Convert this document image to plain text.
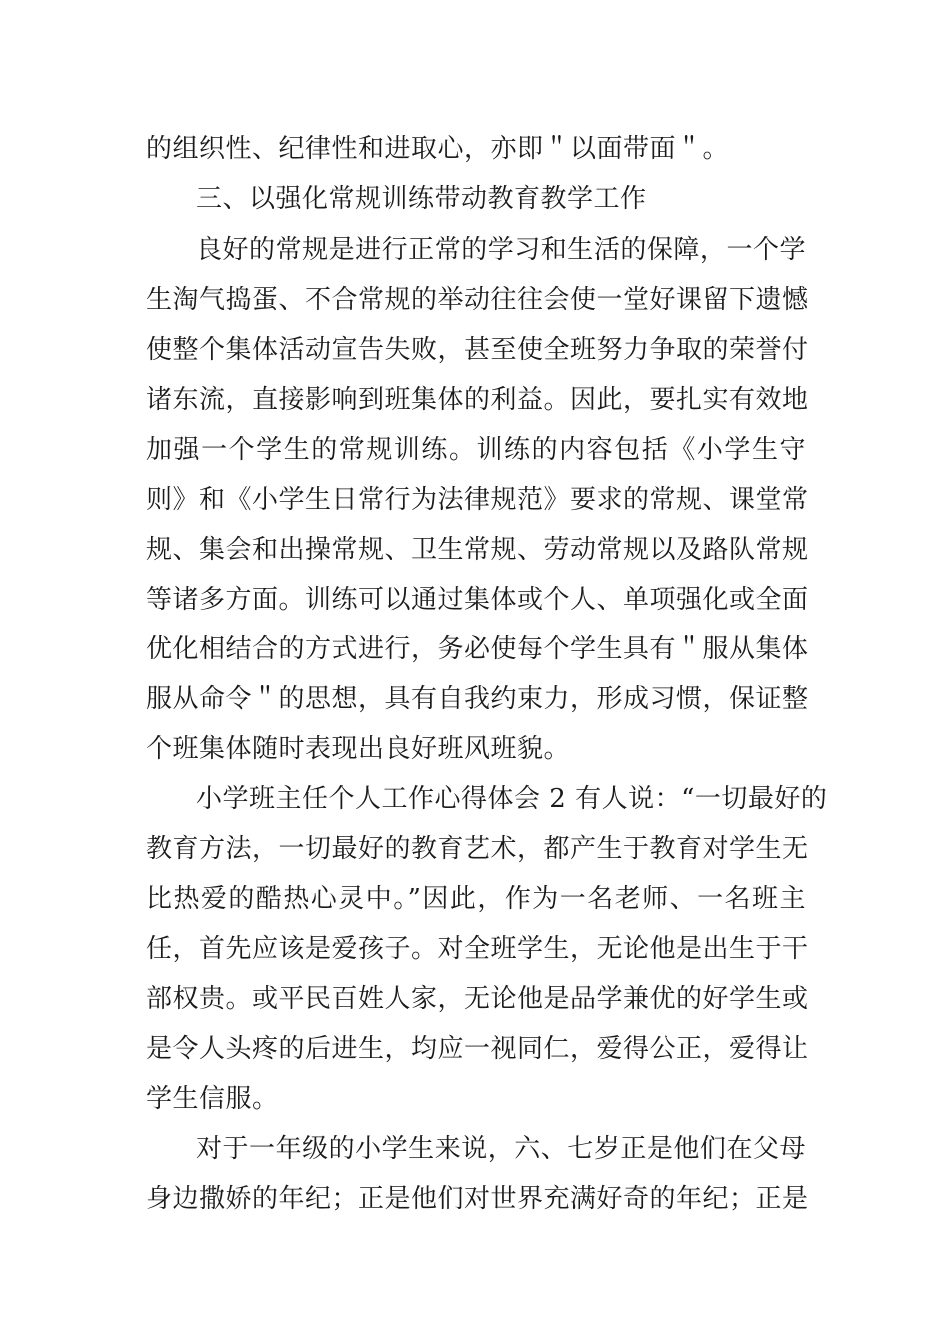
的组织性、纪律性和进取心，亦即＂以面带面＂。
三、以强化常规训练带动教育教学工作
良好的常规是进行正常的学习和生活的保障，一个学
生淘气捣蛋、不合常规的举动往往会使一堂好课留下遗憾
使整个集体活动宣告失败，甚至使全班努力争取的荣誉付
诸东流，直接影响到班集体的利益。因此，要扎实有效地
加强一个学生的常规训练。训练的内容包括《小学生守
则》和《小学生日常行为法律规范》要求的常规、课堂常
规、集会和出操常规、卫生常规、劳动常规以及路队常规
等诸多方面。训练可以通过集体或个人、单项强化或全面
优化相结合的方式进行，务必使每个学生具有＂服从集体
服从命令＂的思想，具有自我约束力，形成习惯，保证整
个班集体随时表现出良好班风班貌。
小学班主任个人工作心得体会 2 有人说：“一切最好的
教育方法，一切最好的教育艺术，都产生于教育对学生无
比热爱的酷热心灵中。”因此，作为一名老师、一名班主
任，首先应该是爱孩子。对全班学生，无论他是出生于干
部权贵。或平民百姓人家，无论他是品学兼优的好学生或
是令人头疼的后进生，均应一视同仁，爱得公正，爱得让
学生信服。
对于一年级的小学生来说，六、七岁正是他们在父母
身边撒娇的年纪；正是他们对世界充满好奇的年纪；正是
